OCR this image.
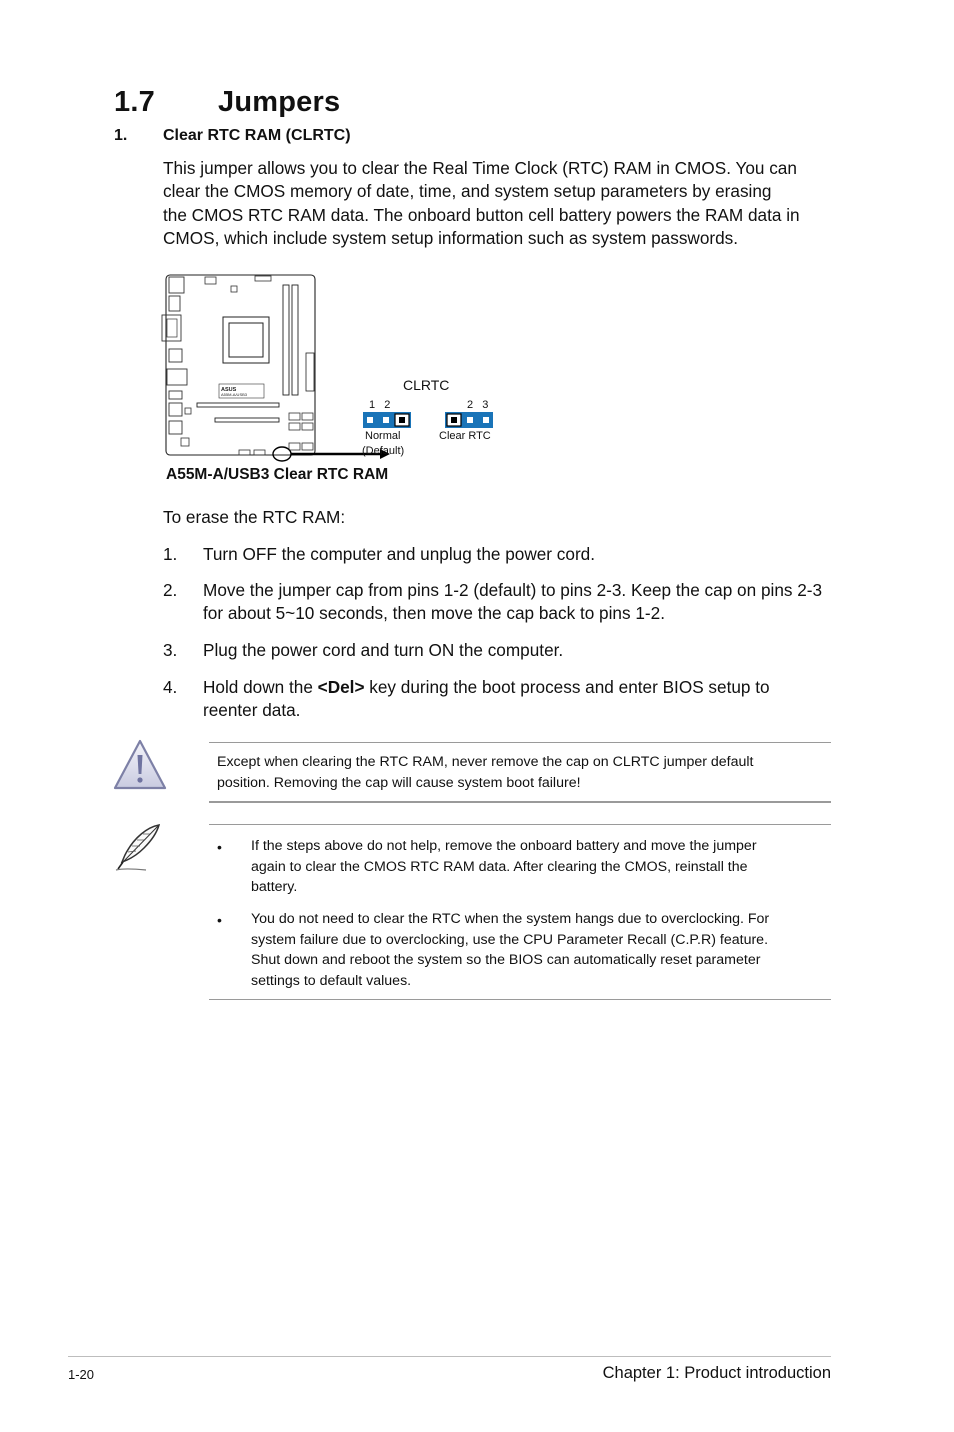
1.7 Jumpers
1. Clear RTC RAM (CLRTC)
This jumper allows you to clear the Real Time Clock (RTC) RAM in CMOS. You can
clear the CMOS memory of date, time, and system setup parameters by erasing
the CMOS RTC RAM data. The onboard button cell battery powers the RAM data in
CMOS, which include system setup information such as system passwords.
ASUS
A55M-A/USB3
CLRTC
1   2
Normal
(Default)
2   3
Clear RTC
A55M-A/USB3 Clear RTC RAM
To erase the RTC RAM:
1. Turn OFF the computer and unplug the power cord.
2. Move the jumper cap from pins 1-2 (default) to pins 2-3. Keep the cap on pins 2-3
for about 5~10 seconds, then move the cap back to pins 1-2.
3. Plug the power cord and turn ON the computer.
4. Hold down the <Del> key during the boot process and enter BIOS setup to
reenter data.
Except when clearing the RTC RAM, never remove the cap on CLRTC jumper default
position. Removing the cap will cause system boot failure!
• If the steps above do not help, remove the onboard battery and move the jumper
again to clear the CMOS RTC RAM data. After clearing the CMOS, reinstall the
battery.
• You do not need to clear the RTC when the system hangs due to overclocking. For
system failure due to overclocking, use the CPU Parameter Recall (C.P.R) feature.
Shut down and reboot the system so the BIOS can automatically reset parameter
settings to default values.
1-20	Chapter 1: Product introduction
